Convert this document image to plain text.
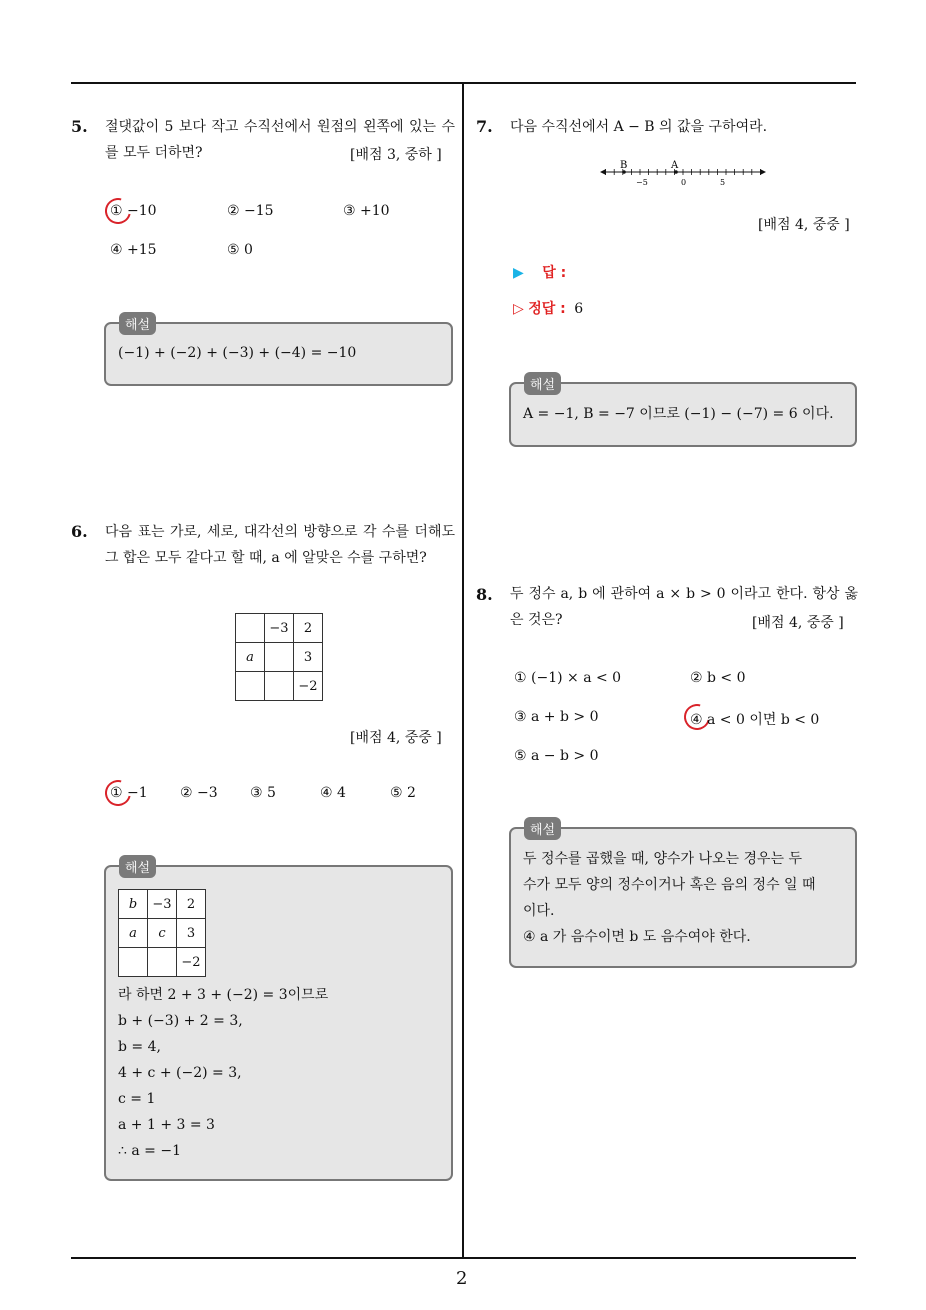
2
5. 절댓값이 5 보다 작고 수직선에서 원점의 왼쪽에 있는 수를 모두 더하면?	[배점 3, 중하 ]
① −10	② −15	③ +10
④ +15	⑤ 0
해설
(−1) + (−2) + (−3) + (−4) = −10
6. 다음 표는 가로, 세로, 대각선의 방향으로 각 수를 더해도 그 합은 모두 같다고 할 때, a 에 알맞은 수를 구하면?
	−3	2
a		3
		−2
[배점 4, 중중 ]
① −1 ② −3 ③ 5	④ 4	⑤ 2
해설
b	−3	2
a	c	3
		−2
라 하면 2 + 3 + (−2) = 3이므로
b + (−3) + 2 = 3,
b = 4,
4 + c + (−2) = 3,
c = 1
a + 1 + 3 = 3
∴ a = −1
7. 다음 수직선에서 A − B 의 값을 구하여라.
B	A
−5	0	5
[배점 4, 중중 ]
▶ 답 :
▷ 정답 : 6
해설
A = −1, B = −7 이므로 (−1) − (−7) = 6 이다.
8. 두 정수 a, b 에 관하여 a × b > 0 이라고 한다. 항상 옳은 것은?	[배점 4, 중중 ]
① (−1) × a < 0	② b < 0
③ a + b > 0	④ a < 0 이면 b < 0
⑤ a − b > 0
해설
두 정수를 곱했을 때, 양수가 나오는 경우는 두
수가 모두 양의 정수이거나 혹은 음의 정수 일 때
이다.
④ a 가 음수이면 b 도 음수여야 한다.
